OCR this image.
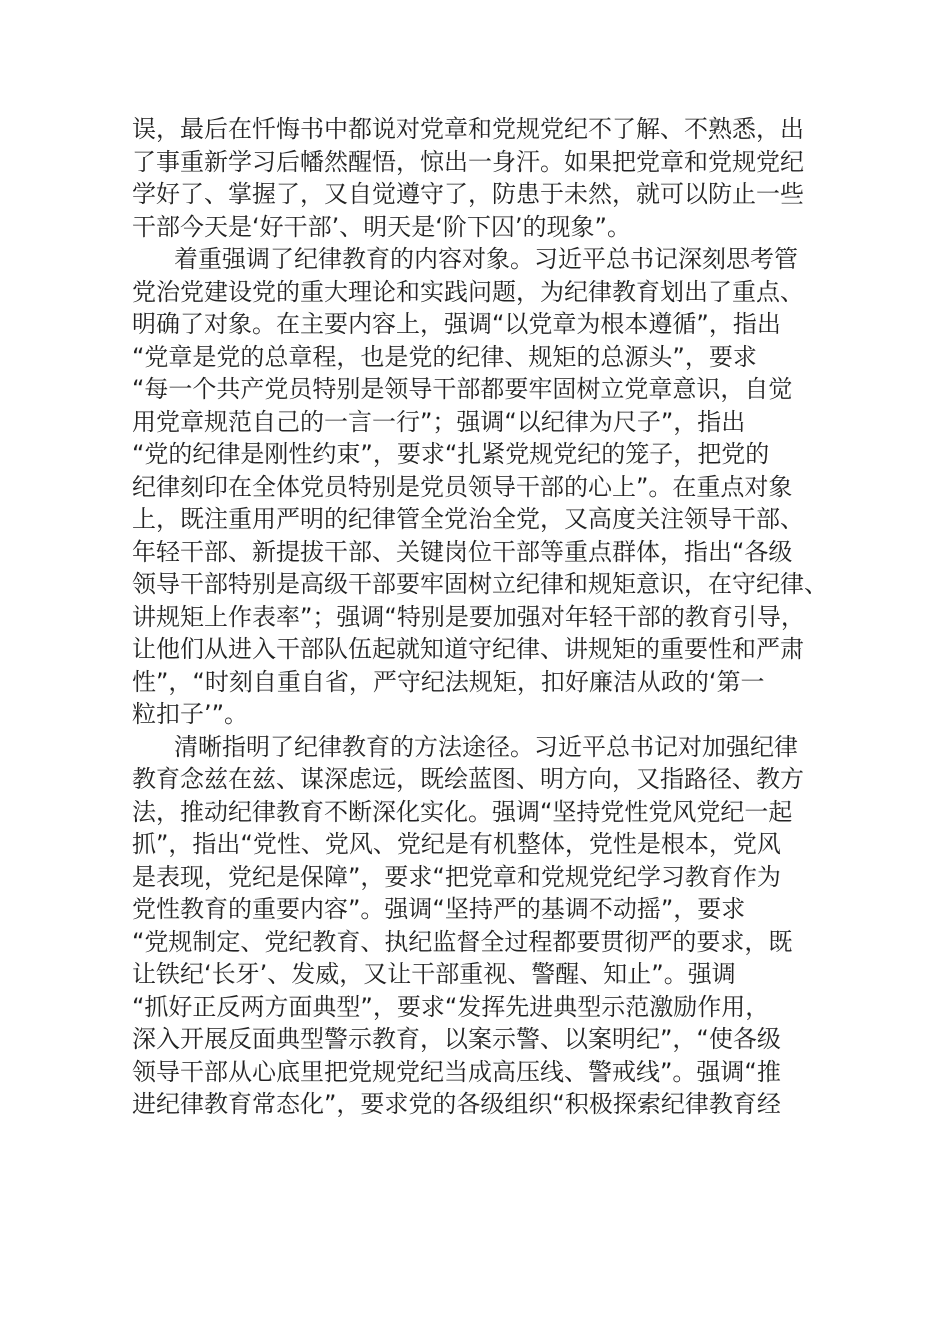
误，最后在忏悔书中都说对党章和党规党纪不了解、不熟悉，出
了事重新学习后幡然醒悟，惊出一身汗。如果把党章和党规党纪
学好了、掌握了，又自觉遵守了，防患于未然，就可以防止一些
干部今天是‘好干部’、明天是‘阶下囚’的现象”。
着重强调了纪律教育的内容对象。习近平总书记深刻思考管
党治党建设党的重大理论和实践问题，为纪律教育划出了重点、
明确了对象。在主要内容上，强调“以党章为根本遵循”，指出
“党章是党的总章程，也是党的纪律、规矩的总源头”，要求
“每一个共产党员特别是领导干部都要牢固树立党章意识，自觉
用党章规范自己的一言一行”；强调“以纪律为尺子”，指出
“党的纪律是刚性约束”，要求“扎紧党规党纪的笼子，把党的
纪律刻印在全体党员特别是党员领导干部的心上”。在重点对象
上，既注重用严明的纪律管全党治全党，又高度关注领导干部、
年轻干部、新提拔干部、关键岗位干部等重点群体，指出“各级
领导干部特别是高级干部要牢固树立纪律和规矩意识，在守纪律、
讲规矩上作表率”；强调“特别是要加强对年轻干部的教育引导，
让他们从进入干部队伍起就知道守纪律、讲规矩的重要性和严肃
性”，“时刻自重自省，严守纪法规矩，扣好廉洁从政的‘第一
粒扣子’”。
清晰指明了纪律教育的方法途径。习近平总书记对加强纪律
教育念兹在兹、谋深虑远，既绘蓝图、明方向，又指路径、教方
法，推动纪律教育不断深化实化。强调“坚持党性党风党纪一起
抓”，指出“党性、党风、党纪是有机整体，党性是根本，党风
是表现，党纪是保障”，要求“把党章和党规党纪学习教育作为
党性教育的重要内容”。强调“坚持严的基调不动摇”，要求
“党规制定、党纪教育、执纪监督全过程都要贯彻严的要求，既
让铁纪‘长牙’、发威，又让干部重视、警醒、知止”。强调
“抓好正反两方面典型”，要求“发挥先进典型示范激励作用，
深入开展反面典型警示教育，以案示警、以案明纪”，“使各级
领导干部从心底里把党规党纪当成高压线、警戒线”。强调“推
进纪律教育常态化”，要求党的各级组织“积极探索纪律教育经
